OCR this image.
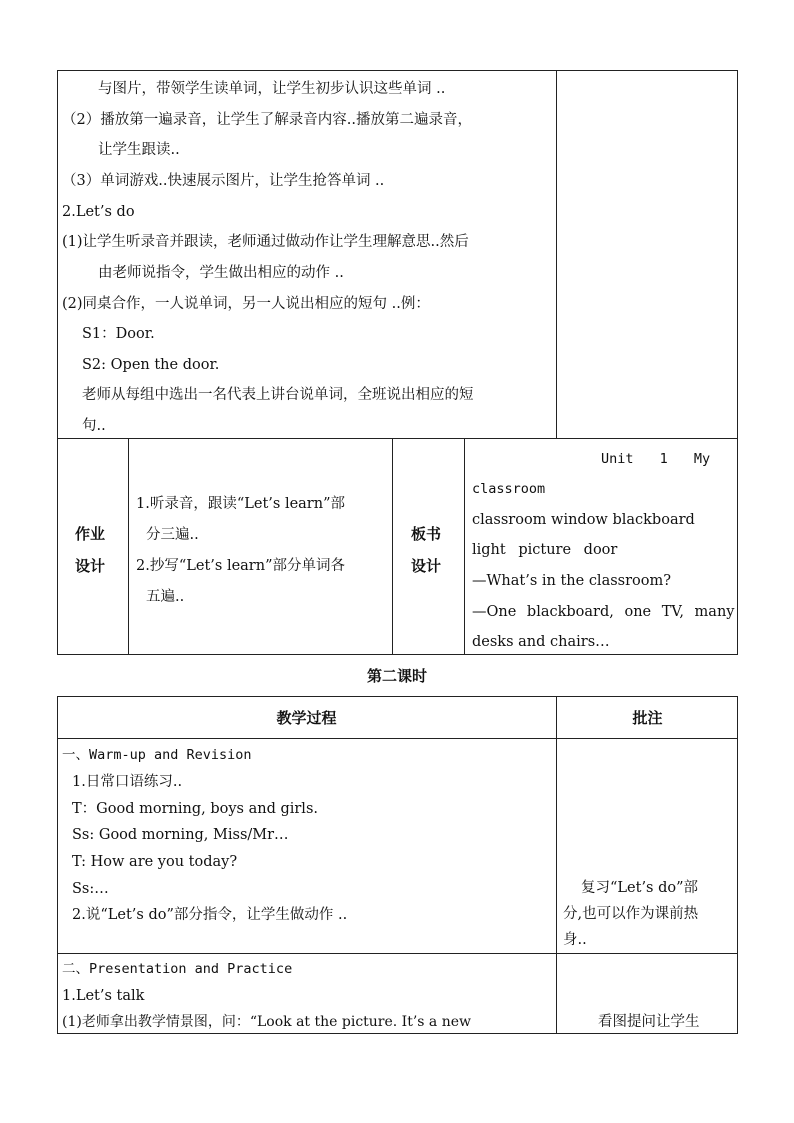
与图片，带领学生读单词，让学生初步认识这些单词 ..
（2）播放第一遍录音，让学生了解录音内容..播放第二遍录音，
让学生跟读..
（3）单词游戏..快速展示图片，让学生抢答单词 ..
2.Let’s do
(1)让学生听录音并跟读，老师通过做动作让学生理解意思..然后
由老师说指令，学生做出相应的动作 ..
(2)同桌合作，一人说单词，另一人说出相应的短句 ..例：
S1：Door.
S2: Open the door.
老师从每组中选出一名代表上讲台说单词，全班说出相应的短
句..
作业
设计
1.听录音，跟读“Let’s learn”部
分三遍..
2.抄写“Let’s learn”部分单词各
五遍..
板书
设计
Unit 1 My
classroom
classroom window blackboard
light picture door
—What’s in the classroom?
—One blackboard, one TV, many
desks and chairs…
第二课时
教学过程	批注
一、Warm-up and Revision
1.日常口语练习..
T：Good morning, boys and girls.
Ss: Good morning, Miss/Mr…
T: How are you today?
Ss:…
2.说“Let’s do”部分指令，让学生做动作 ..
复习“Let’s do”部
分,也可以作为课前热
身..
二、Presentation and Practice
1.Let’s talk
(1)老师拿出教学情景图，问：“Look at the picture. It’s a new	看图提问让学生
